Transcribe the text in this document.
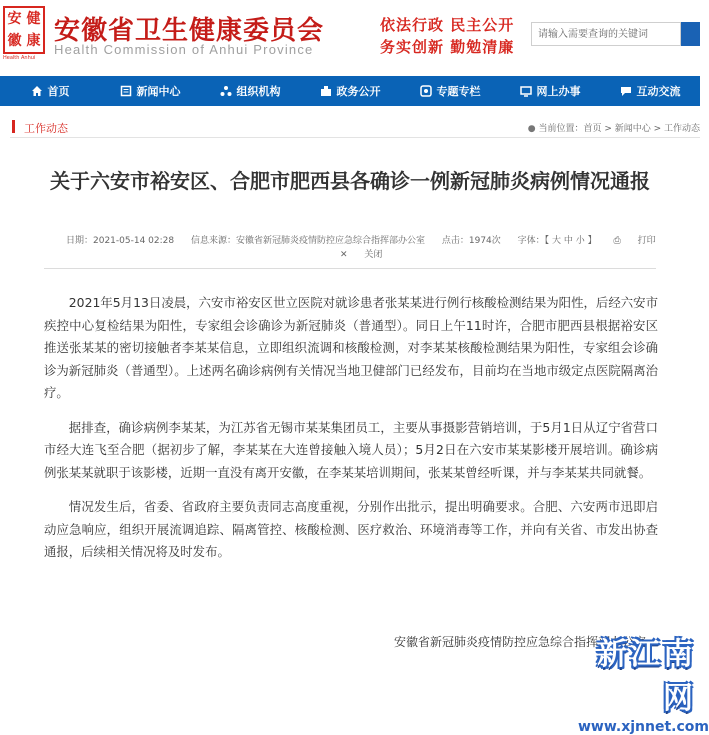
安 健
徽 康
Health Anhui
安徽省卫生健康委员会
Health Commission of Anhui Province
依法行政 民主公开
务实创新 勤勉清廉
请输入需要查询的关键词
首页	新闻中心	组织机构	政务公开	专题专栏	网上办事	互动交流
工作动态	● 当前位置：首页 > 新闻中心 > 工作动态
关于六安市裕安区、合肥市肥西县各确诊一例新冠肺炎病例情况通报
日期：2021-05-14 02:28 信息来源：安徽省新冠肺炎疫情防控应急综合指挥部办公室 点击：1974次 字体：【 大 中 小 】 ⎙ 打印
✕ 关闭

2021年5月13日凌晨，六安市裕安区世立医院对就诊患者张某某进行例行核酸检测结果为阳性，后经六安市疾控中心复检结果为阳性，专家组会诊确诊为新冠肺炎（普通型）。同日上午11时许，合肥市肥西县根据裕安区推送张某某的密切接触者李某某信息，立即组织流调和核酸检测，对李某某核酸检测结果为阳性，专家组会诊确诊为新冠肺炎（普通型）。上述两名确诊病例有关情况当地卫健部门已经发布，目前均在当地市级定点医院隔离治疗。

据排查，确诊病例李某某，为江苏省无锡市某某集团员工，主要从事摄影营销培训，于5月1日从辽宁省营口市经大连飞至合肥（据初步了解，李某某在大连曾接触入境人员）；5月2日在六安市某某影楼开展培训。确诊病例张某某就职于该影楼，近期一直没有离开安徽，在李某某培训期间，张某某曾经听课，并与李某某共同就餐。

情况发生后，省委、省政府主要负责同志高度重视，分别作出批示，提出明确要求。合肥、六安两市迅即启动应急响应，组织开展流调追踪、隔离管控、核酸检测、医疗救治、环境消毒等工作，并向有关省、市发出协查通报，后续相关情况将及时发布。

安徽省新冠肺炎疫情防控应急综合指挥部办公室
新江南网
www.xjnnet.com
